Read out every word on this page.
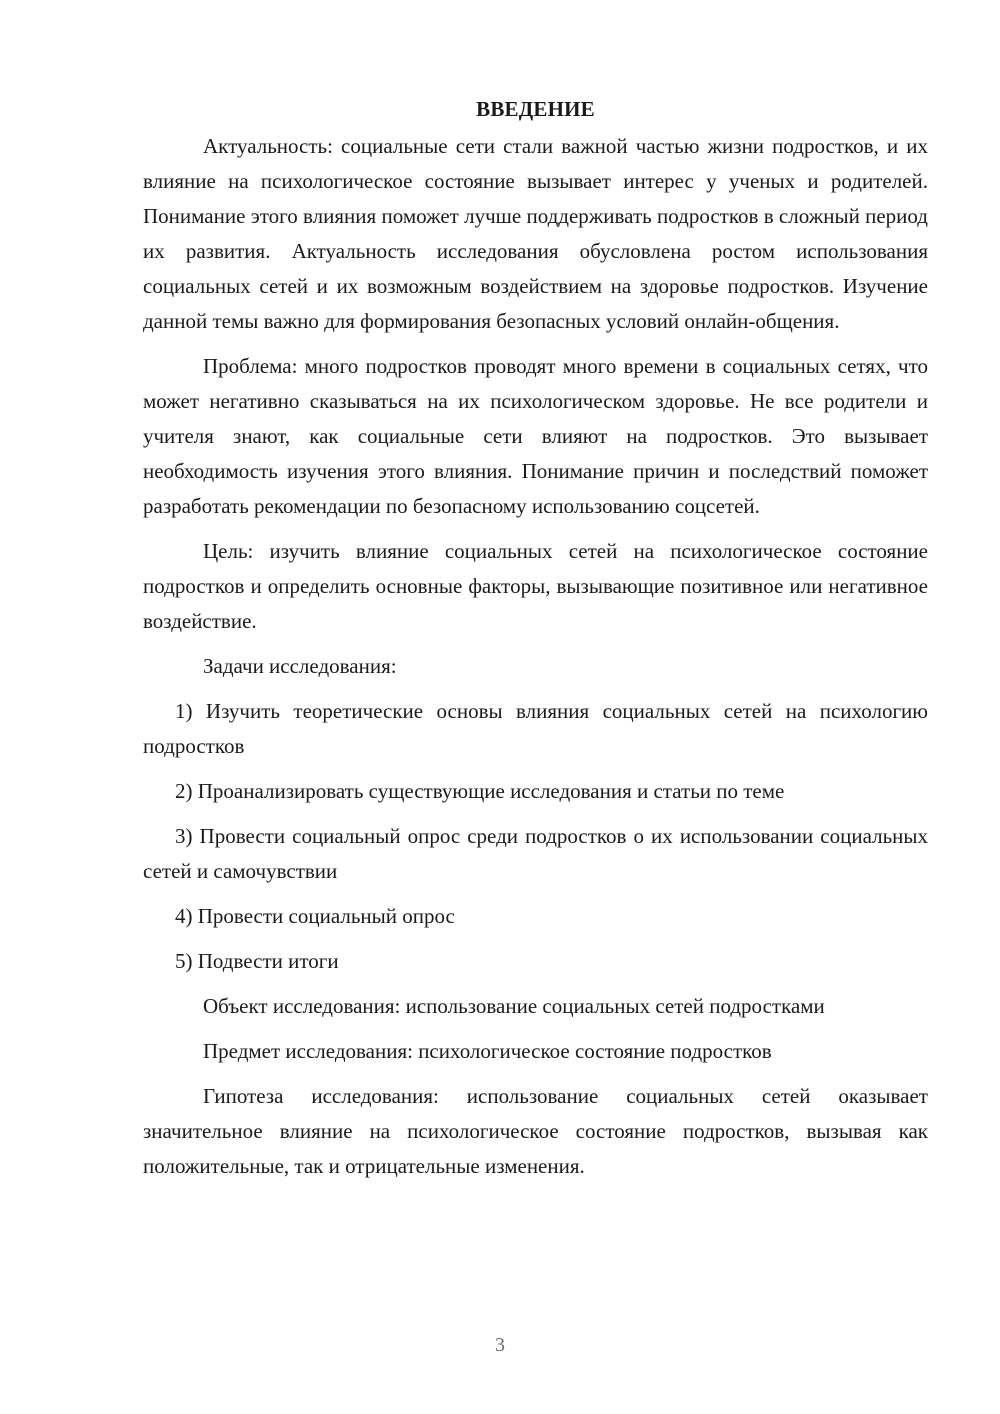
ВВЕДЕНИЕ

Актуальность: социальные сети стали важной частью жизни подростков, и их влияние на психологическое состояние вызывает интерес у ученых и родителей. Понимание этого влияния поможет лучше поддерживать подростков в сложный период их развития. Актуальность исследования обусловлена ростом использования социальных сетей и их возможным воздействием на здоровье подростков. Изучение данной темы важно для формирования безопасных условий онлайн-общения.

Проблема: много подростков проводят много времени в социальных сетях, что может негативно сказываться на их психологическом здоровье. Не все родители и учителя знают, как социальные сети влияют на подростков. Это вызывает необходимость изучения этого влияния. Понимание причин и последствий поможет разработать рекомендации по безопасному использованию соцсетей.

Цель: изучить влияние социальных сетей на психологическое состояние подростков и определить основные факторы, вызывающие позитивное или негативное воздействие.

Задачи исследования:

1) Изучить теоретические основы влияния социальных сетей на психологию подростков

2) Проанализировать существующие исследования и статьи по теме

3) Провести социальный опрос среди подростков о их использовании социальных сетей и самочувствии

4) Провести социальный опрос

5) Подвести итоги

Объект исследования: использование социальных сетей подростками

Предмет исследования: психологическое состояние подростков

Гипотеза исследования: использование социальных сетей оказывает значительное влияние на психологическое состояние подростков, вызывая как положительные, так и отрицательные изменения.

3
